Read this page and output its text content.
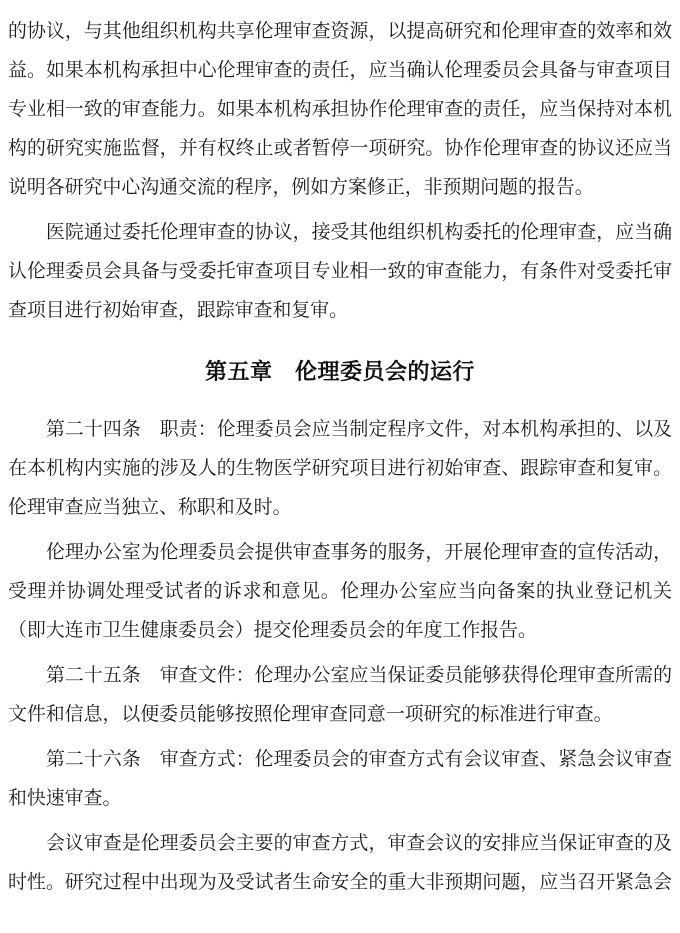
的协议，与其他组织机构共享伦理审查资源，以提高研究和伦理审查的效率和效
益。如果本机构承担中心伦理审查的责任，应当确认伦理委员会具备与审查项目
专业相一致的审查能力。如果本机构承担协作伦理审查的责任，应当保持对本机
构的研究实施监督，并有权终止或者暂停一项研究。协作伦理审查的协议还应当
说明各研究中心沟通交流的程序，例如方案修正，非预期问题的报告。
　　医院通过委托伦理审查的协议，接受其他组织机构委托的伦理审查，应当确
认伦理委员会具备与受委托审查项目专业相一致的审查能力，有条件对受委托审
查项目进行初始审查，跟踪审查和复审。
第五章　伦理委员会的运行
　　第二十四条　职责：伦理委员会应当制定程序文件，对本机构承担的、以及
在本机构内实施的涉及人的生物医学研究项目进行初始审查、跟踪审查和复审。
伦理审查应当独立、称职和及时。
　　伦理办公室为伦理委员会提供审查事务的服务，开展伦理审查的宣传活动，
受理并协调处理受试者的诉求和意见。伦理办公室应当向备案的执业登记机关
（即大连市卫生健康委员会）提交伦理委员会的年度工作报告。
　　第二十五条　审查文件：伦理办公室应当保证委员能够获得伦理审查所需的
文件和信息，以便委员能够按照伦理审查同意一项研究的标准进行审查。
　　第二十六条　审查方式：伦理委员会的审查方式有会议审查、紧急会议审查
和快速审查。
　　会议审查是伦理委员会主要的审查方式，审查会议的安排应当保证审查的及
时性。研究过程中出现为及受试者生命安全的重大非预期问题，应当召开紧急会
